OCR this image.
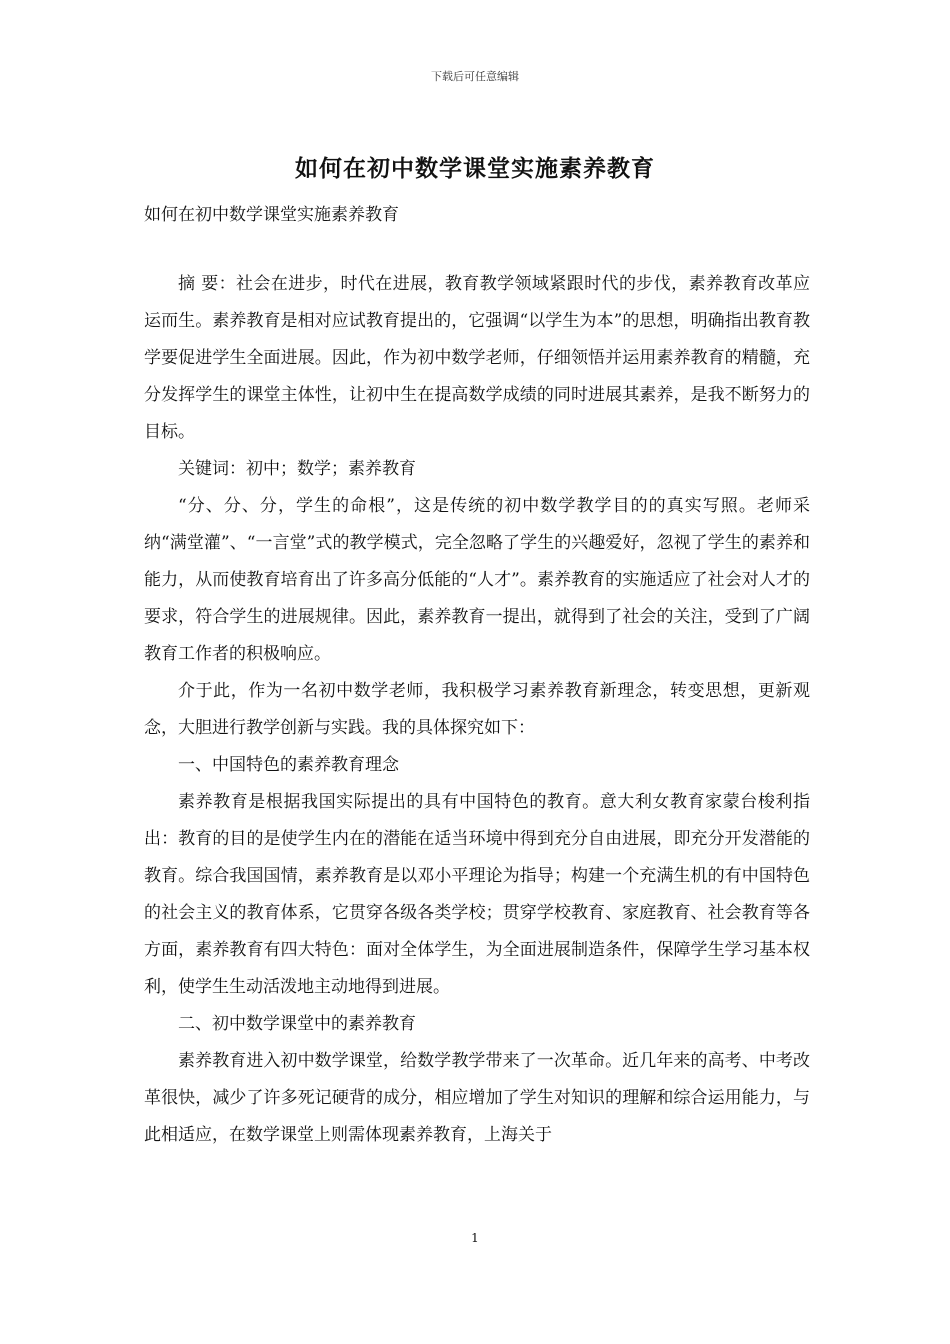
下载后可任意编辑
如何在初中数学课堂实施素养教育
如何在初中数学课堂实施素养教育

摘 要：社会在进步，时代在进展，教育教学领域紧跟时代的步伐，素养教育改革应运而生。素养教育是相对应试教育提出的，它强调“以学生为本”的思想，明确指出教育教学要促进学生全面进展。因此，作为初中数学老师，仔细领悟并运用素养教育的精髓，充分发挥学生的课堂主体性，让初中生在提高数学成绩的同时进展其素养，是我不断努力的目标。

关键词：初中；数学；素养教育

“分、分、分，学生的命根”，这是传统的初中数学教学目的的真实写照。老师采纳“满堂灌”、“一言堂”式的教学模式，完全忽略了学生的兴趣爱好，忽视了学生的素养和能力，从而使教育培育出了许多高分低能的“人才”。素养教育的实施适应了社会对人才的要求，符合学生的进展规律。因此，素养教育一提出，就得到了社会的关注，受到了广阔教育工作者的积极响应。

介于此，作为一名初中数学老师，我积极学习素养教育新理念，转变思想，更新观念，大胆进行教学创新与实践。我的具体探究如下：

一、中国特色的素养教育理念

素养教育是根据我国实际提出的具有中国特色的教育。意大利女教育家蒙台梭利指出：教育的目的是使学生内在的潜能在适当环境中得到充分自由进展，即充分开发潜能的教育。综合我国国情，素养教育是以邓小平理论为指导；构建一个充满生机的有中国特色的社会主义的教育体系，它贯穿各级各类学校；贯穿学校教育、家庭教育、社会教育等各方面，素养教育有四大特色：面对全体学生，为全面进展制造条件，保障学生学习基本权利，使学生生动活泼地主动地得到进展。

二、初中数学课堂中的素养教育

素养教育进入初中数学课堂，给数学教学带来了一次革命。近几年来的高考、中考改革很快，减少了许多死记硬背的成分，相应增加了学生对知识的理解和综合运用能力，与此相适应，在数学课堂上则需体现素养教育，上海关于

1
